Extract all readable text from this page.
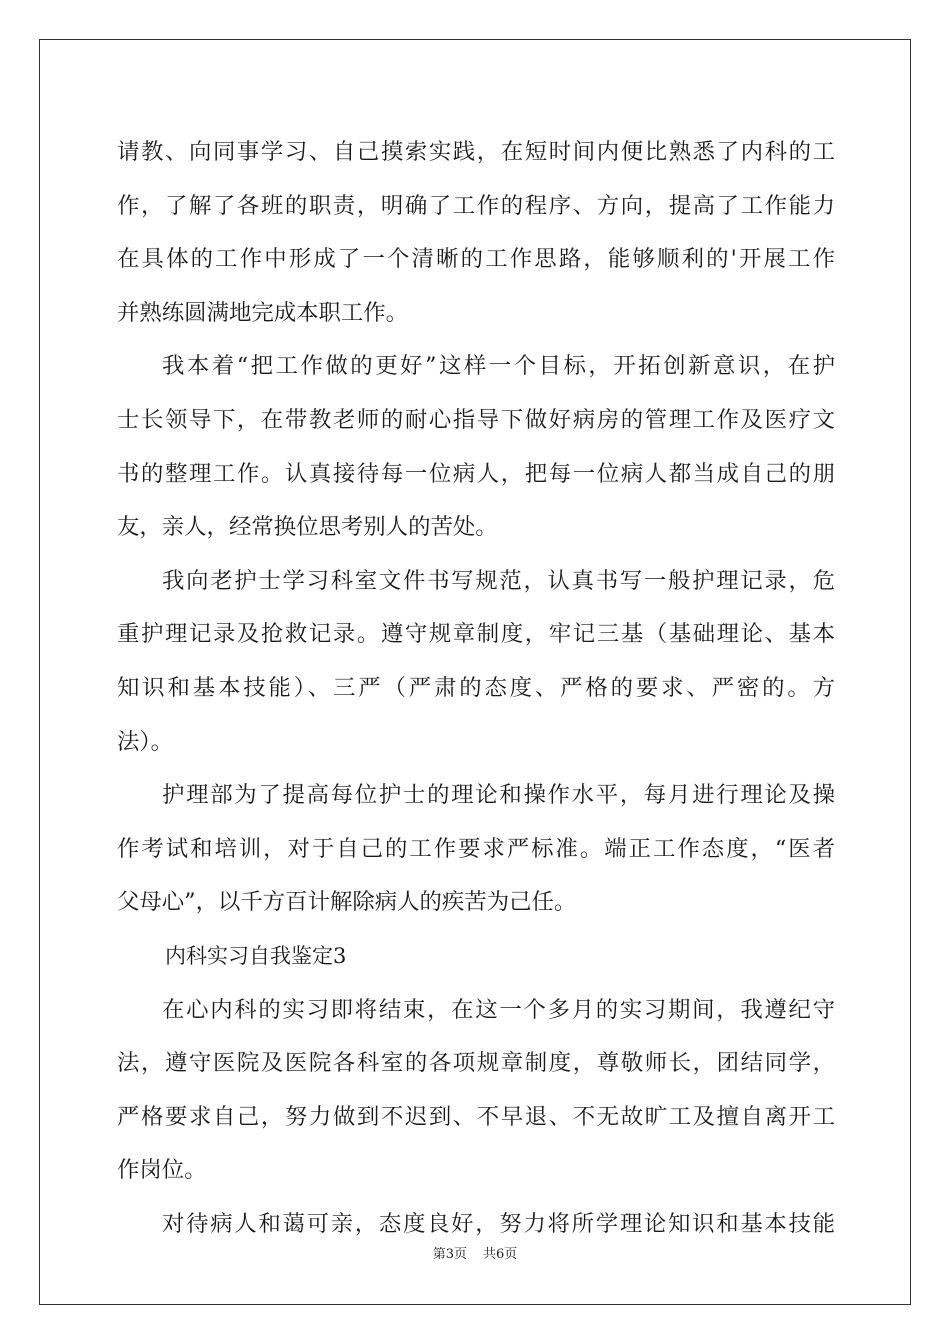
请教、向同事学习、自己摸索实践，在短时间内便比熟悉了内科的工

作，了解了各班的职责，明确了工作的程序、方向，提高了工作能力

在具体的工作中形成了一个清晰的工作思路，能够顺利的'开展工作

并熟练圆满地完成本职工作。

我本着“把工作做的更好”这样一个目标，开拓创新意识，在护

士长领导下，在带教老师的耐心指导下做好病房的管理工作及医疗文

书的整理工作。认真接待每一位病人，把每一位病人都当成自己的朋

友，亲人，经常换位思考别人的苦处。

我向老护士学习科室文件书写规范，认真书写一般护理记录，危

重护理记录及抢救记录。遵守规章制度，牢记三基（基础理论、基本

知识和基本技能）、三严（严肃的态度、严格的要求、严密的。方

法）。

护理部为了提高每位护士的理论和操作水平，每月进行理论及操

作考试和培训，对于自己的工作要求严标准。端正工作态度，“医者

父母心”，以千方百计解除病人的疾苦为己任。

内科实习自我鉴定3

在心内科的实习即将结束，在这一个多月的实习期间，我遵纪守

法，遵守医院及医院各科室的各项规章制度，尊敬师长，团结同学，

严格要求自己，努力做到不迟到、不早退、不无故旷工及擅自离开工

作岗位。

对待病人和蔼可亲，态度良好，努力将所学理论知识和基本技能

第3页 共6页
